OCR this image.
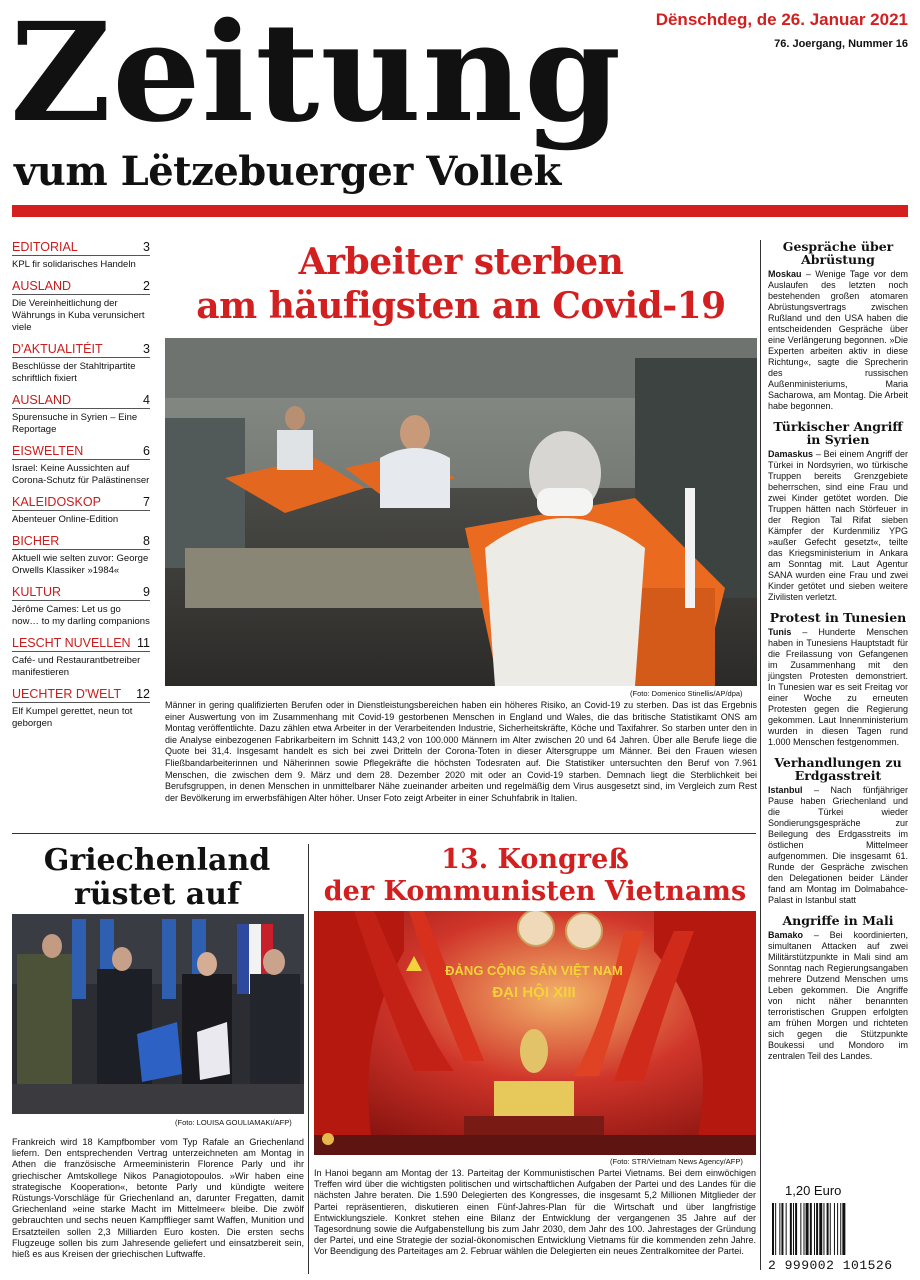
Zeitung
vum Lëtzebuerger Vollek
Dënschdeg, de 26. Januar 2021
76. Joergang, Nummer 16
EDITORIAL	3
KPL fir solidarisches Handeln
AUSLAND	2
Die Vereinheitlichung der Währungs in Kuba verunsichert viele
D'AKTUALITÉIT	3
Beschlüsse der Stahltripartite schriftlich fixiert
AUSLAND	4
Spurensuche in Syrien – Eine Reportage
EISWELTEN	6
Israel: Keine Aussichten auf Corona-Schutz für Palästinenser
KALEIDOSKOP	7
Abenteuer Online-Edition
BICHER	8
Aktuell wie selten zuvor: George Orwells Klassiker »1984«
KULTUR	9
Jérôme Cames: Let us go now… to my darling companions
LESCHT NUVELLEN 11
Café- und Restaurantbetreiber manifestieren
UECHTER D'WELT 12
Elf Kumpel gerettet, neun tot geborgen
Arbeiter sterben
am häufigsten an Covid-19
(Foto: Domenico Stinellis/AP/dpa)
Männer in gering qualifizierten Berufen oder in Dienstleistungsbereichen haben ein höheres Risiko, an Covid-19 zu sterben. Das ist das Ergebnis einer Auswertung von im Zusammenhang mit Covid-19 gestorbenen Menschen in England und Wales, die das britische Statistikamt ONS am Montag veröffentlichte. Dazu zählen etwa Arbeiter in der Verarbeitenden Industrie, Sicherheitskräfte, Köche und Taxifahrer. So starben unter den in die Analyse einbezogenen Fabrikarbeitern im Schnitt 143,2 von 100.000 Männern im Alter zwischen 20 und 64 Jahren. Über alle Berufe liege die Quote bei 31,4. Insgesamt handelt es sich bei zwei Dritteln der Corona-Toten in dieser Altersgruppe um Männer. Bei den Frauen wiesen Fließbandarbeiterinnen und Näherinnen sowie Pflegekräfte die höchsten Todesraten auf. Die Statistiker untersuchten den Beruf von 7.961 Menschen, die zwischen dem 9. März und dem 28. Dezember 2020 mit oder an Covid-19 starben. Demnach liegt die Sterblichkeit bei Berufsgruppen, in denen Menschen in unmittelbarer Nähe zueinander arbeiten und regelmäßig dem Virus ausgesetzt sind, im Vergleich zum Rest der Bevölkerung im erwerbsfähigen Alter höher. Unser Foto zeigt Arbeiter in einer Schuhfabrik in Italien.
Gespräche über Abrüstung
Moskau – Wenige Tage vor dem Auslaufen des letzten noch bestehenden großen atomaren Abrüstungsvertrags zwischen Rußland und den USA haben die entscheidenden Gespräche über eine Verlängerung begonnen. »Die Experten arbeiten aktiv in diese Richtung«, sagte die Sprecherin des russischen Außenministeriums, Maria Sacharowa, am Montag. Die Arbeit habe begonnen.
Türkischer Angriff in Syrien
Damaskus – Bei einem Angriff der Türkei in Nordsyrien, wo türkische Truppen bereits Grenzgebiete beherrschen, sind eine Frau und zwei Kinder getötet worden. Die Truppen hätten nach Störfeuer in der Region Tal Rifat sieben Kämpfer der Kurdenmiliz YPG »außer Gefecht gesetzt«, teilte das Kriegsministerium in Ankara am Sonntag mit. Laut Agentur SANA wurden eine Frau und zwei Kinder getötet und sieben weitere Zivilisten verletzt.
Protest in Tunesien
Tunis – Hunderte Menschen haben in Tunesiens Hauptstadt für die Freilassung von Gefangenen im Zusammenhang mit den jüngsten Protesten demonstriert. In Tunesien war es seit Freitag vor einer Woche zu erneuten Protesten gegen die Regierung gekommen. Laut Innenministerium wurden in diesen Tagen rund 1.000 Menschen festgenommen.
Verhandlungen zu Erdgasstreit
Istanbul – Nach fünfjähriger Pause haben Griechenland und die Türkei wieder Sondierungsgespräche zur Beilegung des Erdgasstreits im östlichen Mittelmeer aufgenommen. Die insgesamt 61. Runde der Gespräche zwischen den Delegationen beider Länder fand am Montag im Dolmabahce-Palast in Istanbul statt
Angriffe in Mali
Bamako – Bei koordinierten, simultanen Attacken auf zwei Militärstützpunkte in Mali sind am Sonntag nach Regierungsangaben mehrere Dutzend Menschen ums Leben gekommen. Die Angriffe von nicht näher benannten terroristischen Gruppen erfolgten am frühen Morgen und richteten sich gegen die Stützpunkte Boukessi und Mondoro im zentralen Teil des Landes.
Griechenland
rüstet auf
(Foto: LOUISA GOULIAMAKI/AFP)
Frankreich wird 18 Kampfbomber vom Typ Rafale an Griechenland liefern. Den entsprechenden Vertrag unterzeichneten am Montag in Athen die französische Armeeministerin Florence Parly und ihr griechischer Amtskollege Nikos Panagiotopoulos. »Wir haben eine strategische Kooperation«, betonte Parly und kündigte weitere Rüstungs-Vorschläge für Griechenland an, darunter Fregatten, damit Griechenland »eine starke Macht im Mittelmeer« bleibe. Die zwölf gebrauchten und sechs neuen Kampfflieger samt Waffen, Munition und Ersatzteilen sollen 2,3 Milliarden Euro kosten. Die ersten sechs Flugzeuge sollen bis zum Jahresende geliefert und einsatzbereit sein, hieß es aus Kreisen der griechischen Luftwaffe.
13. Kongreß
der Kommunisten Vietnams
ĐẢNG CỘNG SẢN VIỆT NAM
ĐẠI HỘI XIII
(Foto: STR/Vietnam News Agency/AFP)
In Hanoi begann am Montag der 13. Parteitag der Kommunistischen Partei Vietnams. Bei dem einwöchigen Treffen wird über die wichtigsten politischen und wirtschaftlichen Aufgaben der Partei und des Landes für die nächsten Jahre beraten. Die 1.590 Delegierten des Kongresses, die insgesamt 5,2 Millionen Mitglieder der Partei repräsentieren, diskutieren einen Fünf-Jahres-Plan für die Wirtschaft und über langfristige Entwicklungsziele. Konkret stehen eine Bilanz der Entwicklung der vergangenen 35 Jahre auf der Tagesordnung sowie die Aufgabenstellung bis zum Jahr 2030, dem Jahr des 100. Jahrestages der Gründung der Partei, und eine Strategie der sozial-ökonomischen Entwicklung Vietnams für die kommenden zehn Jahre. Vor Beendigung des Parteitages am 2. Februar wählen die Delegierten ein neues Zentralkomitee der Partei.
1,20 Euro
2 999002 101526
